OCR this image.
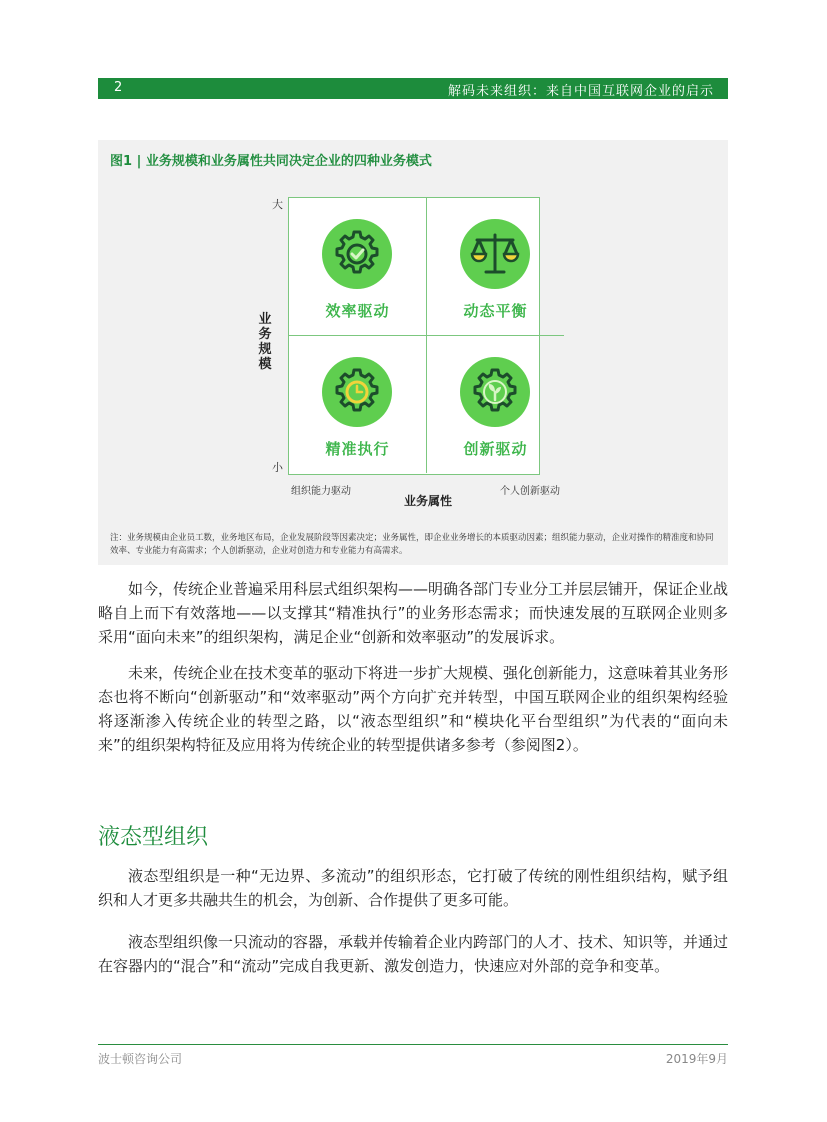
2	解码未来组织：来自中国互联网企业的启示
图1 | 业务规模和业务属性共同决定企业的四种业务模式
大
业务规模
小
效率驱动	动态平衡
精准执行	创新驱动
组织能力驱动	个人创新驱动
业务属性
注：业务规模由企业员工数，业务地区布局，企业发展阶段等因素决定；业务属性，即企业业务增长的本质驱动因素；组织能力驱动，企业对操作的精准度和协同效率、专业能力有高需求；个人创新驱动，企业对创造力和专业能力有高需求。
如今，传统企业普遍采用科层式组织架构——明确各部门专业分工并层层铺开，保证企业战略自上而下有效落地——以支撑其“精准执行”的业务形态需求；而快速发展的互联网企业则多采用“面向未来”的组织架构，满足企业“创新和效率驱动”的发展诉求。
未来，传统企业在技术变革的驱动下将进一步扩大规模、强化创新能力，这意味着其业务形态也将不断向“创新驱动”和“效率驱动”两个方向扩充并转型，中国互联网企业的组织架构经验将逐渐渗入传统企业的转型之路，以“液态型组织”和“模块化平台型组织”为代表的“面向未来”的组织架构特征及应用将为传统企业的转型提供诸多参考（参阅图2）。
液态型组织
液态型组织是一种“无边界、多流动”的组织形态，它打破了传统的刚性组织结构，赋予组织和人才更多共融共生的机会，为创新、合作提供了更多可能。
液态型组织像一只流动的容器，承载并传输着企业内跨部门的人才、技术、知识等，并通过在容器内的“混合”和“流动”完成自我更新、激发创造力，快速应对外部的竞争和变革。
波士顿咨询公司	2019年9月
